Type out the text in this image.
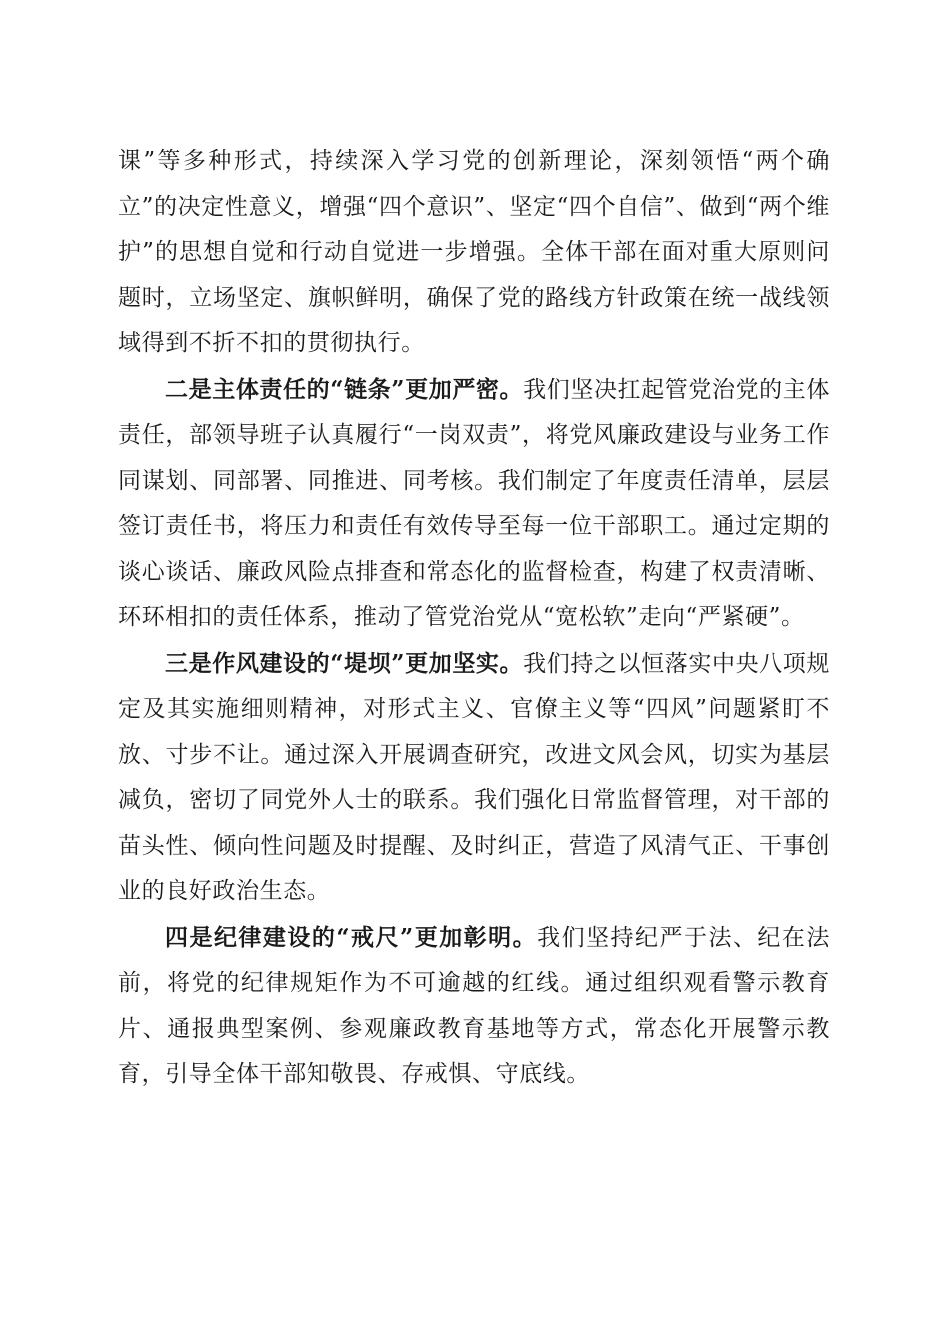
课”等多种形式，持续深入学习党的创新理论，深刻领悟“两个确立”的决定性意义，增强“四个意识”、坚定“四个自信”、做到“两个维护”的思想自觉和行动自觉进一步增强。全体干部在面对重大原则问题时，立场坚定、旗帜鲜明，确保了党的路线方针政策在统一战线领域得到不折不扣的贯彻执行。

二是主体责任的“链条”更加严密。我们坚决扛起管党治党的主体责任，部领导班子认真履行“一岗双责”，将党风廉政建设与业务工作同谋划、同部署、同推进、同考核。我们制定了年度责任清单，层层签订责任书，将压力和责任有效传导至每一位干部职工。通过定期的谈心谈话、廉政风险点排查和常态化的监督检查，构建了权责清晰、环环相扣的责任体系，推动了管党治党从“宽松软”走向“严紧硬”。

三是作风建设的“堤坝”更加坚实。我们持之以恒落实中央八项规定及其实施细则精神，对形式主义、官僚主义等“四风”问题紧盯不放、寸步不让。通过深入开展调查研究，改进文风会风，切实为基层减负，密切了同党外人士的联系。我们强化日常监督管理，对干部的苗头性、倾向性问题及时提醒、及时纠正，营造了风清气正、干事创业的良好政治生态。

四是纪律建设的“戒尺”更加彰明。我们坚持纪严于法、纪在法前，将党的纪律规矩作为不可逾越的红线。通过组织观看警示教育片、通报典型案例、参观廉政教育基地等方式，常态化开展警示教育，引导全体干部知敬畏、存戒惧、守底线。
